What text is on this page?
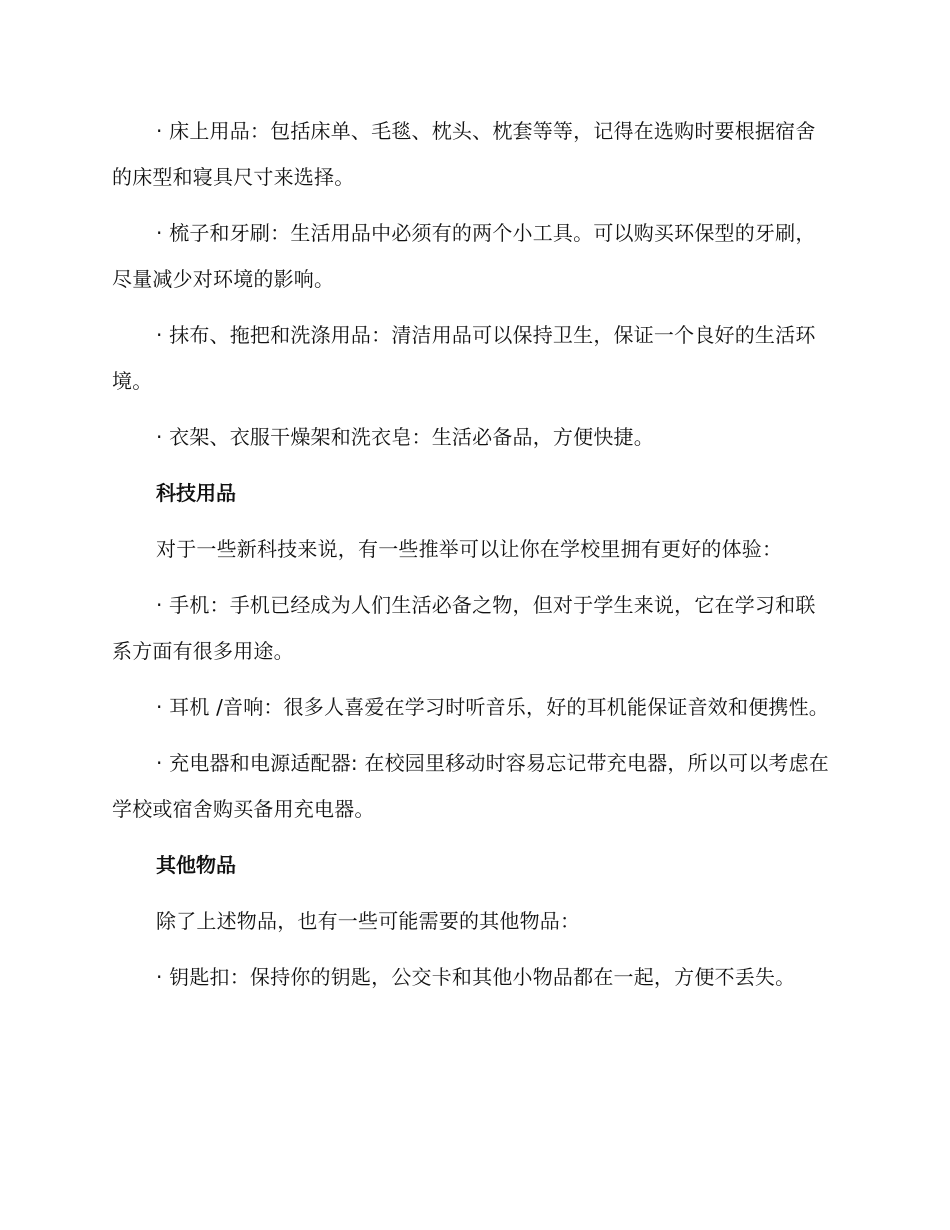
· 床上用品：包括床单、毛毯、枕头、枕套等等，记得在选购时要根据宿舍的床型和寝具尺寸来选择。

· 梳子和牙刷：生活用品中必须有的两个小工具。可以购买环保型的牙刷，尽量减少对环境的影响。

· 抹布、拖把和洗涤用品：清洁用品可以保持卫生，保证一个良好的生活环境。

· 衣架、衣服干燥架和洗衣皂：生活必备品，方便快捷。

科技用品

对于一些新科技来说，有一些推举可以让你在学校里拥有更好的体验：

· 手机：手机已经成为人们生活必备之物，但对于学生来说，它在学习和联系方面有很多用途。

· 耳机 /音响：很多人喜爱在学习时听音乐，好的耳机能保证音效和便携性。

· 充电器和电源适配器: 在校园里移动时容易忘记带充电器，所以可以考虑在学校或宿舍购买备用充电器。

其他物品

除了上述物品，也有一些可能需要的其他物品：

· 钥匙扣：保持你的钥匙，公交卡和其他小物品都在一起，方便不丢失。
